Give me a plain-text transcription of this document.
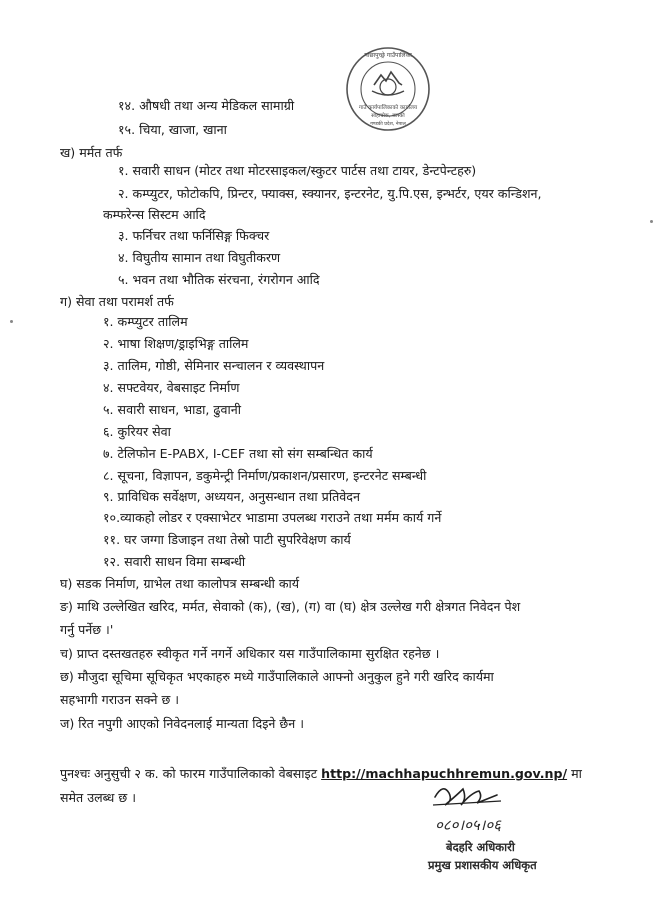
गाउँ कार्यपालिकाको कार्यालय
साहाचोक, कास्की
गण्डकी प्रदेश, नेपाल
माछापुच्छ्रे गाउँपालिका
१४. औषधी तथा अन्य मेडिकल सामाग्री
१५. चिया, खाजा, खाना
ख) मर्मत तर्फ
१. सवारी साधन (मोटर तथा मोटरसाइकल/स्कुटर पार्टस तथा टायर, डेन्टपेन्टहरु)
२. कम्प्युटर, फोटोकपि, प्रिन्टर, फ्याक्स, स्क्यानर, इन्टरनेट, यु.पि.एस, इन्भर्टर, एयर कन्डिशन,
कम्फरेन्स सिस्टम आदि
३. फर्निचर तथा फर्निसिङ्ग फिक्चर
४. विघुतीय सामान तथा विघुतीकरण
५. भवन तथा भौतिक संरचना, रंगरोगन आदि
ग) सेवा तथा परामर्श तर्फ
१. कम्प्युटर तालिम
२. भाषा शिक्षण/ड्राइभिङ्ग तालिम
३. तालिम, गोष्ठी, सेमिनार सन्चालन र व्यवस्थापन
४. सफ्टवेयर, वेबसाइट निर्माण
५. सवारी साधन, भाडा, ढुवानी
६. कुरियर सेवा
७. टेलिफोन E-PABX, I-CEF तथा सो संग सम्बन्धित कार्य
८. सूचना, विज्ञापन, डकुमेन्ट्री निर्माण/प्रकाशन/प्रसारण, इन्टरनेट सम्बन्धी
९. प्राविधिक सर्वेक्षण, अध्ययन, अनुसन्धान तथा प्रतिवेदन
१०.व्याकहो लोडर र एक्साभेटर भाडामा उपलब्ध गराउने तथा मर्मम कार्य गर्ने
११. घर जग्गा डिजाइन तथा तेस्रो पाटी सुपरिवेक्षण कार्य
१२. सवारी साधन विमा सम्बन्धी
घ) सडक निर्माण, ग्राभेल तथा कालोपत्र सम्बन्धी कार्य
ङ) माथि उल्लेखित खरिद, मर्मत, सेवाको (क), (ख), (ग) वा (घ) क्षेत्र उल्लेख गरी क्षेत्रगत निवेदन पेश
गर्नु पर्नेछ ।'
च) प्राप्त दस्तखतहरु स्वीकृत गर्ने नगर्ने अधिकार यस गाउँपालिकामा सुरक्षित रहनेछ ।
छ) मौजुदा सूचिमा सूचिकृत भएकाहरु मध्ये गाउँपालिकाले आफ्नो अनुकुल हुने गरी खरिद कार्यमा
सहभागी गराउन सक्ने छ ।
ज) रित नपुगी आएको निवेदनलाई मान्यता दिइने छैन ।
पुनश्चः अनुसुची २ क. को फारम गाउँपालिकाको वेबसाइट http://machhapuchhremun.gov.np/ मा
समेत उलब्ध छ ।
०८०।०५।०६
बेदहरि अधिकारी
प्रमुख प्रशासकीय अधिकृत
